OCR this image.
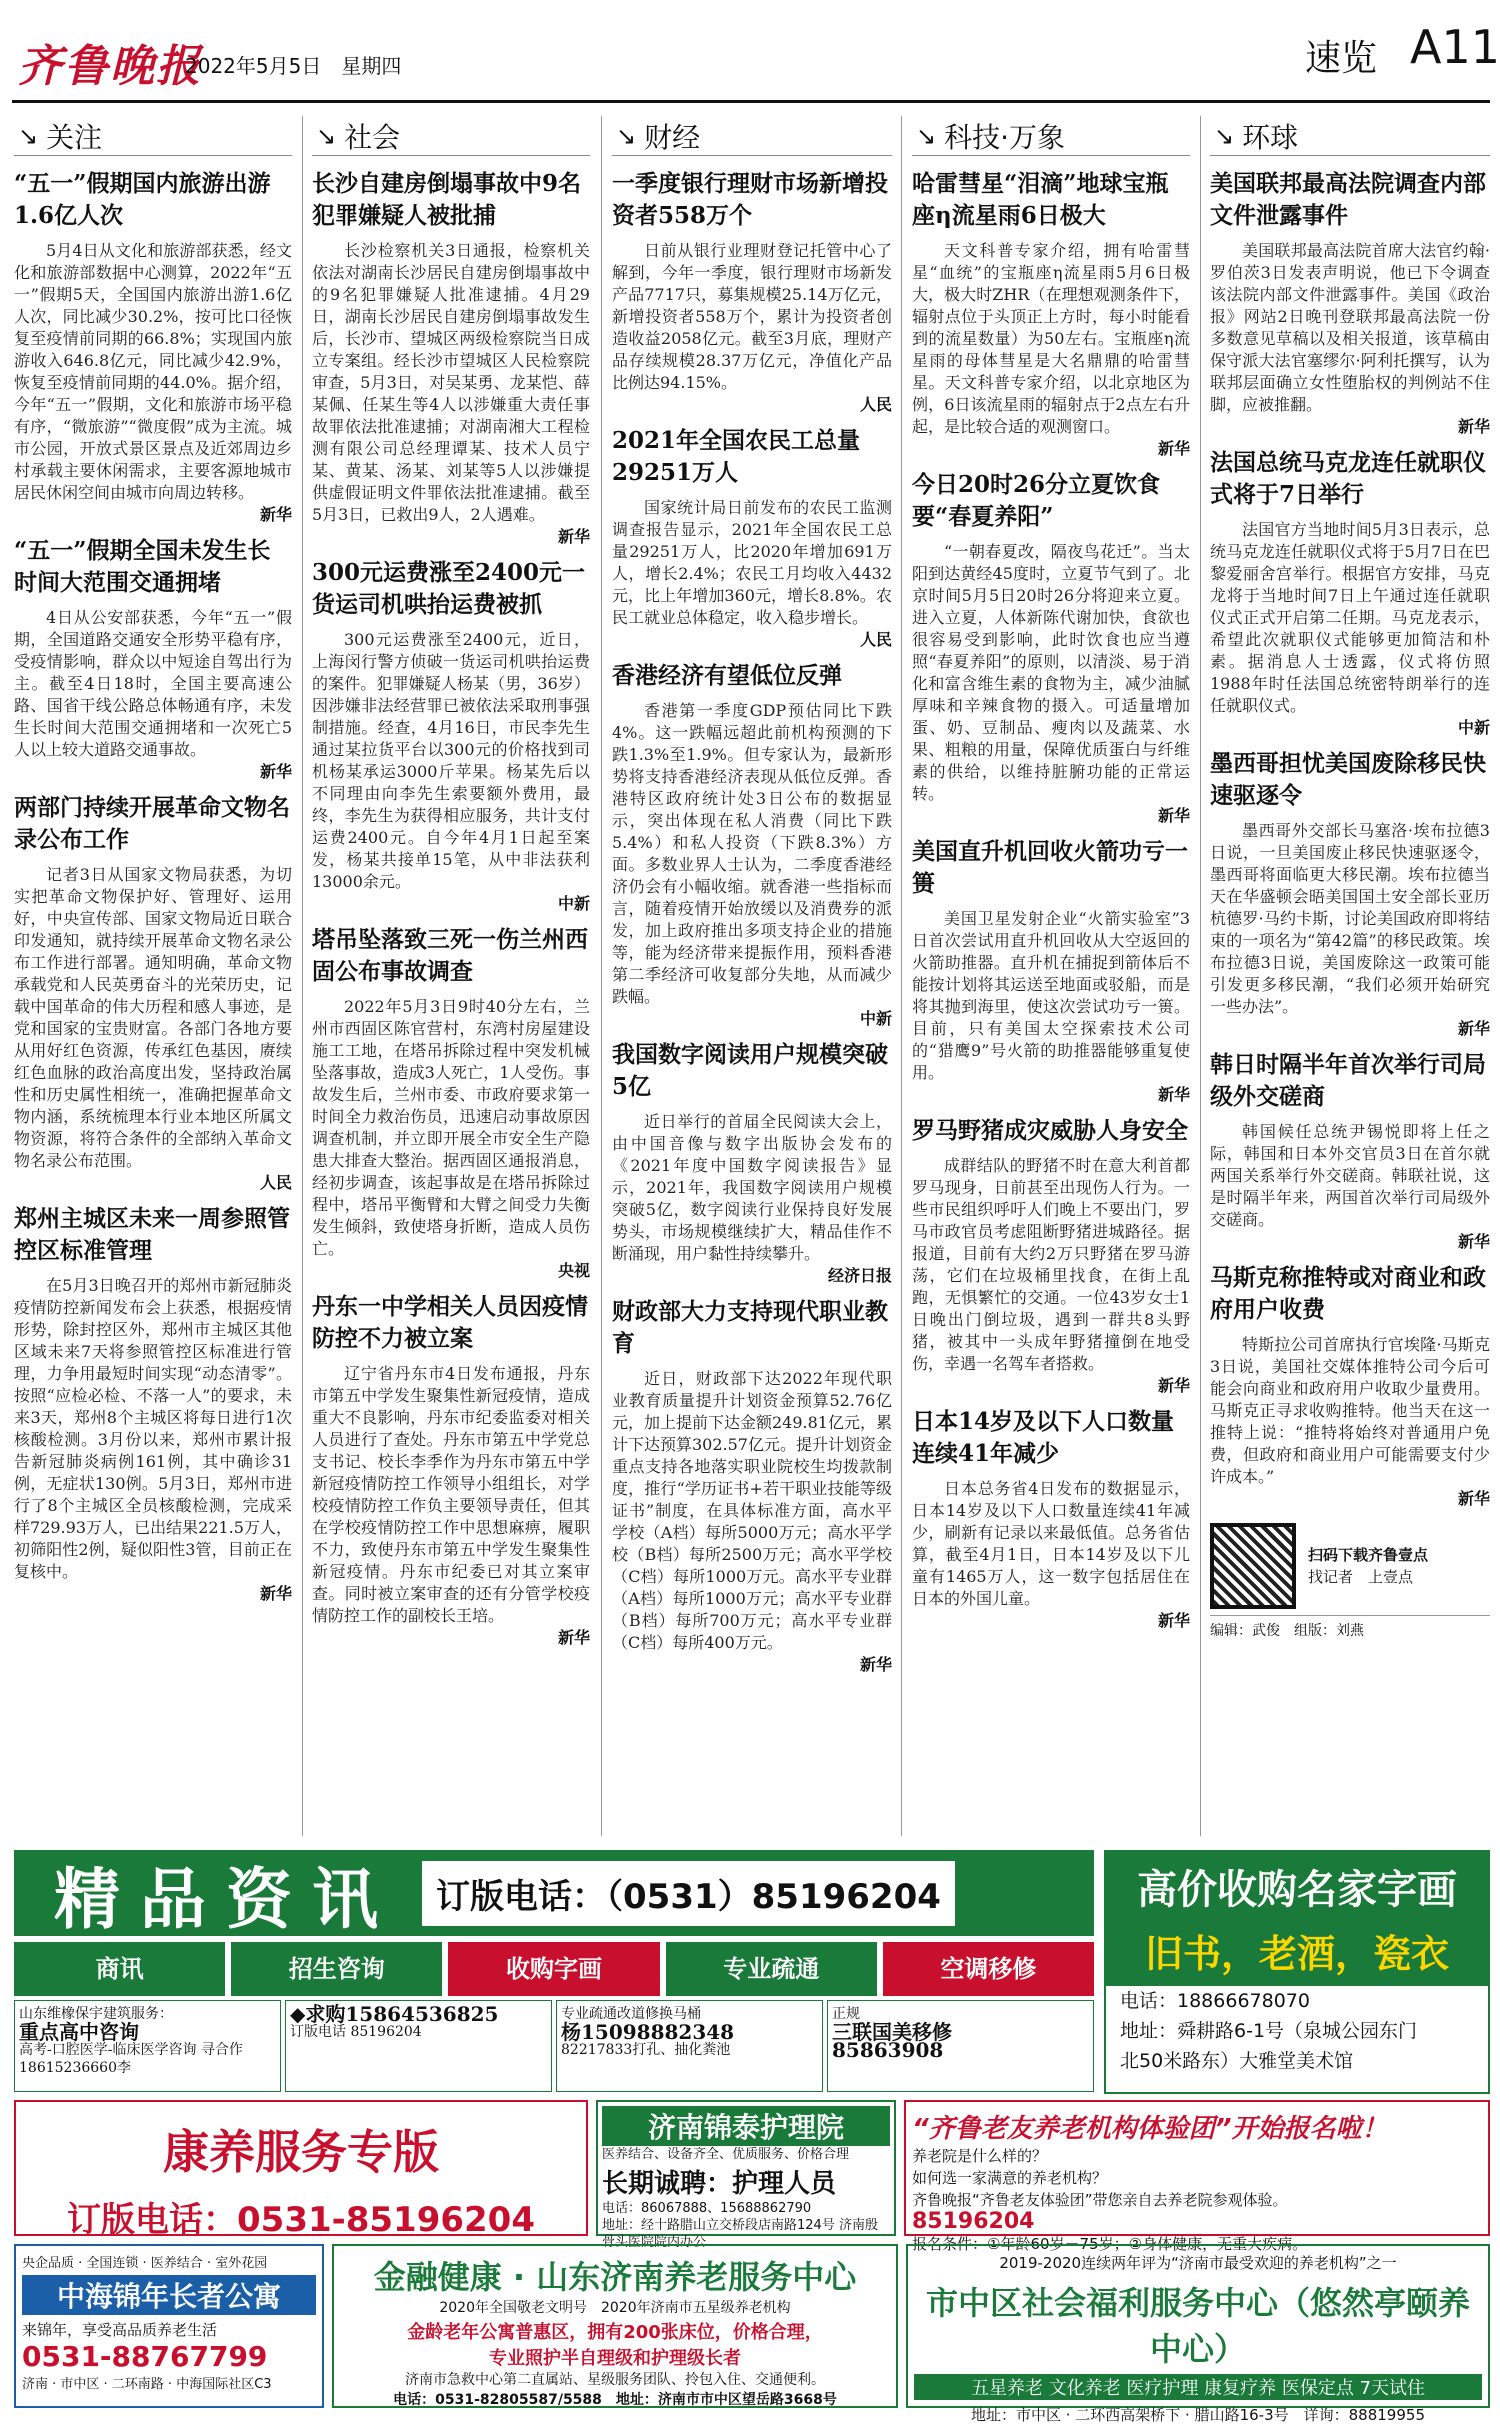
齐鲁晚报
2022年5月5日　星期四	速览 A11
↘ 关注
“五一”假期国内旅游出游1.6亿人次
5月4日从文化和旅游部获悉，经文化和旅游部数据中心测算，2022年“五一”假期5天，全国国内旅游出游1.6亿人次，同比减少30.2%，按可比口径恢复至疫情前同期的66.8%；实现国内旅游收入646.8亿元，同比减少42.9%，恢复至疫情前同期的44.0%。据介绍，今年“五一”假期，文化和旅游市场平稳有序，“微旅游”“微度假”成为主流。城市公园，开放式景区景点及近郊周边乡村承载主要休闲需求，主要客源地城市居民休闲空间由城市向周边转移。
新华
“五一”假期全国未发生长时间大范围交通拥堵
4日从公安部获悉，今年“五一”假期，全国道路交通安全形势平稳有序，受疫情影响，群众以中短途自驾出行为主。截至4日18时，全国主要高速公路、国省干线公路总体畅通有序，未发生长时间大范围交通拥堵和一次死亡5人以上较大道路交通事故。
新华
两部门持续开展革命文物名录公布工作
记者3日从国家文物局获悉，为切实把革命文物保护好、管理好、运用好，中央宣传部、国家文物局近日联合印发通知，就持续开展革命文物名录公布工作进行部署。通知明确，革命文物承载党和人民英勇奋斗的光荣历史，记载中国革命的伟大历程和感人事迹，是党和国家的宝贵财富。各部门各地方要从用好红色资源，传承红色基因，赓续红色血脉的政治高度出发，坚持政治属性和历史属性相统一，准确把握革命文物内涵，系统梳理本行业本地区所属文物资源，将符合条件的全部纳入革命文物名录公布范围。
人民
郑州主城区未来一周参照管控区标准管理
在5月3日晚召开的郑州市新冠肺炎疫情防控新闻发布会上获悉，根据疫情形势，除封控区外，郑州市主城区其他区域未来7天将参照管控区标准进行管理，力争用最短时间实现“动态清零”。按照“应检必检、不落一人”的要求，未来3天，郑州8个主城区将每日进行1次核酸检测。3月份以来，郑州市累计报告新冠肺炎病例161例，其中确诊31例，无症状130例。5月3日，郑州市进行了8个主城区全员核酸检测，完成采样729.93万人，已出结果221.5万人，初筛阳性2例，疑似阳性3管，目前正在复核中。
新华
↘ 社会
长沙自建房倒塌事故中9名犯罪嫌疑人被批捕
长沙检察机关3日通报，检察机关依法对湖南长沙居民自建房倒塌事故中的9名犯罪嫌疑人批准逮捕。4月29日，湖南长沙居民自建房倒塌事故发生后，长沙市、望城区两级检察院当日成立专案组。经长沙市望城区人民检察院审查，5月3日，对吴某勇、龙某恺、薛某佩、任某生等4人以涉嫌重大责任事故罪依法批准逮捕；对湖南湘大工程检测有限公司总经理谭某、技术人员宁某、黄某、汤某、刘某等5人以涉嫌提供虚假证明文件罪依法批准逮捕。截至5月3日，已救出9人，2人遇难。
新华
300元运费涨至2400元一货运司机哄抬运费被抓
300元运费涨至2400元，近日，上海闵行警方侦破一货运司机哄抬运费的案件。犯罪嫌疑人杨某（男，36岁）因涉嫌非法经营罪已被依法采取刑事强制措施。经查，4月16日，市民李先生通过某拉货平台以300元的价格找到司机杨某承运3000斤苹果。杨某先后以不同理由向李先生索要额外费用，最终，李先生为获得相应服务，共计支付运费2400元。自今年4月1日起至案发，杨某共接单15笔，从中非法获利13000余元。
中新
塔吊坠落致三死一伤兰州西固公布事故调查
2022年5月3日9时40分左右，兰州市西固区陈官营村，东湾村房屋建设施工工地，在塔吊拆除过程中突发机械坠落事故，造成3人死亡，1人受伤。事故发生后，兰州市委、市政府要求第一时间全力救治伤员，迅速启动事故原因调查机制，并立即开展全市安全生产隐患大排查大整治。据西固区通报消息，经初步调查，该起事故是在塔吊拆除过程中，塔吊平衡臂和大臂之间受力失衡发生倾斜，致使塔身折断，造成人员伤亡。
央视
丹东一中学相关人员因疫情防控不力被立案
辽宁省丹东市4日发布通报，丹东市第五中学发生聚集性新冠疫情，造成重大不良影响，丹东市纪委监委对相关人员进行了查处。丹东市第五中学党总支书记、校长李季作为丹东市第五中学新冠疫情防控工作领导小组组长，对学校疫情防控工作负主要领导责任，但其在学校疫情防控工作中思想麻痹，履职不力，致使丹东市第五中学发生聚集性新冠疫情。丹东市纪委已对其立案审查。同时被立案审查的还有分管学校疫情防控工作的副校长王培。
新华
↘ 财经
一季度银行理财市场新增投资者558万个
日前从银行业理财登记托管中心了解到，今年一季度，银行理财市场新发产品7717只，募集规模25.14万亿元，新增投资者558万个，累计为投资者创造收益2058亿元。截至3月底，理财产品存续规模28.37万亿元，净值化产品比例达94.15%。
人民
2021年全国农民工总量29251万人
国家统计局日前发布的农民工监测调查报告显示，2021年全国农民工总量29251万人，比2020年增加691万人，增长2.4%；农民工月均收入4432元，比上年增加360元，增长8.8%。农民工就业总体稳定，收入稳步增长。
人民
香港经济有望低位反弹
香港第一季度GDP预估同比下跌4%。这一跌幅远超此前机构预测的下跌1.3%至1.9%。但专家认为，最新形势将支持香港经济表现从低位反弹。香港特区政府统计处3日公布的数据显示，突出体现在私人消费（同比下跌5.4%）和私人投资（下跌8.3%）方面。多数业界人士认为，二季度香港经济仍会有小幅收缩。就香港一些指标而言，随着疫情开始放缓以及消费券的派发，加上政府推出多项支持企业的措施等，能为经济带来提振作用，预料香港第二季经济可收复部分失地，从而减少跌幅。
中新
我国数字阅读用户规模突破5亿
近日举行的首届全民阅读大会上，由中国音像与数字出版协会发布的《2021年度中国数字阅读报告》显示，2021年，我国数字阅读用户规模突破5亿，数字阅读行业保持良好发展势头，市场规模继续扩大，精品佳作不断涌现，用户黏性持续攀升。
经济日报
财政部大力支持现代职业教育
近日，财政部下达2022年现代职业教育质量提升计划资金预算52.76亿元，加上提前下达金额249.81亿元，累计下达预算302.57亿元。提升计划资金重点支持各地落实职业院校生均拨款制度，推行“学历证书+若干职业技能等级证书”制度，在具体标准方面，高水平学校（A档）每所5000万元；高水平学校（B档）每所2500万元；高水平学校（C档）每所1000万元。高水平专业群（A档）每所1000万元；高水平专业群（B档）每所700万元；高水平专业群（C档）每所400万元。
新华
↘ 科技·万象
哈雷彗星“泪滴”地球宝瓶座η流星雨6日极大
天文科普专家介绍，拥有哈雷彗星“血统”的宝瓶座η流星雨5月6日极大，极大时ZHR（在理想观测条件下，辐射点位于头顶正上方时，每小时能看到的流星数量）为50左右。宝瓶座η流星雨的母体彗星是大名鼎鼎的哈雷彗星。天文科普专家介绍，以北京地区为例，6日该流星雨的辐射点于2点左右升起，是比较合适的观测窗口。
新华
今日20时26分立夏饮食要“春夏养阳”
“一朝春夏改，隔夜鸟花迁”。当太阳到达黄经45度时，立夏节气到了。北京时间5月5日20时26分将迎来立夏。进入立夏，人体新陈代谢加快，食欲也很容易受到影响，此时饮食也应当遵照“春夏养阳”的原则，以清淡、易于消化和富含维生素的食物为主，减少油腻厚味和辛辣食物的摄入。可适量增加蛋、奶、豆制品、瘦肉以及蔬菜、水果、粗粮的用量，保障优质蛋白与纤维素的供给，以维持脏腑功能的正常运转。
新华
美国直升机回收火箭功亏一篑
美国卫星发射企业“火箭实验室”3日首次尝试用直升机回收从大空返回的火箭助推器。直升机在捕捉到箭体后不能按计划将其运送至地面或驳船，而是将其抛到海里，使这次尝试功亏一篑。目前，只有美国太空探索技术公司的“猎鹰9”号火箭的助推器能够重复使用。
新华
罗马野猪成灾威胁人身安全
成群结队的野猪不时在意大利首都罗马现身，日前甚至出现伤人行为。一些市民组织呼吁人们晚上不要出门，罗马市政官员考虑阻断野猪进城路径。据报道，目前有大约2万只野猪在罗马游荡，它们在垃圾桶里找食，在街上乱跑，无惧繁忙的交通。一位43岁女士1日晚出门倒垃圾，遇到一群共8头野猪，被其中一头成年野猪撞倒在地受伤，幸遇一名驾车者搭救。
新华
日本14岁及以下人口数量连续41年减少
日本总务省4日发布的数据显示，日本14岁及以下人口数量连续41年减少，刷新有记录以来最低值。总务省估算，截至4月1日，日本14岁及以下儿童有1465万人，这一数字包括居住在日本的外国儿童。
新华
↘ 环球
美国联邦最高法院调查内部文件泄露事件
美国联邦最高法院首席大法官约翰·罗伯茨3日发表声明说，他已下令调查该法院内部文件泄露事件。美国《政治报》网站2日晚刊登联邦最高法院一份多数意见草稿以及相关报道，该草稿由保守派大法官塞缪尔·阿利托撰写，认为联邦层面确立女性堕胎权的判例站不住脚，应被推翻。
新华
法国总统马克龙连任就职仪式将于7日举行
法国官方当地时间5月3日表示，总统马克龙连任就职仪式将于5月7日在巴黎爱丽舍宫举行。根据官方安排，马克龙将于当地时间7日上午通过连任就职仪式正式开启第二任期。马克龙表示，希望此次就职仪式能够更加简洁和朴素。据消息人士透露，仪式将仿照1988年时任法国总统密特朗举行的连任就职仪式。
中新
墨西哥担忧美国废除移民快速驱逐令
墨西哥外交部长马塞洛·埃布拉德3日说，一旦美国废止移民快速驱逐令，墨西哥将面临更大移民潮。埃布拉德当天在华盛顿会晤美国国土安全部长亚历杭德罗·马约卡斯，讨论美国政府即将结束的一项名为“第42篇”的移民政策。埃布拉德3日说，美国废除这一政策可能引发更多移民潮，“我们必须开始研究一些办法”。
新华
韩日时隔半年首次举行司局级外交磋商
韩国候任总统尹锡悦即将上任之际，韩国和日本外交官员3日在首尔就两国关系举行外交磋商。韩联社说，这是时隔半年来，两国首次举行司局级外交磋商。
新华
马斯克称推特或对商业和政府用户收费
特斯拉公司首席执行官埃隆·马斯克3日说，美国社交媒体推特公司今后可能会向商业和政府用户收取少量费用。马斯克正寻求收购推特。他当天在这一推特上说：“推特将始终对普通用户免费，但政府和商业用户可能需要支付少许成本。”
新华
扫码下载齐鲁壹点
找记者　上壹点
编辑：武俊　组版：刘燕
精品资讯	订版电话：（0531）85196204	高价收购名家字画
旧书，老酒，瓷衣
电话：18866678070
地址：舜耕路6-1号（泉城公园东门
北50米路东）大雅堂美术馆
商讯	招生咨询	收购字画	专业疏通	空调移修
山东维橡保宇建筑服务：
重点高中咨询
高考-口腔医学-临床医学咨询 寻合作18615236660李
◆求购15864536825
订版电话 85196204
专业疏通改道修换马桶
杨15098882348
82217833打孔、抽化粪池
正规
三联国美移修
85863908
康养服务专版
订版电话：0531-85196204
济南锦泰护理院
医养结合、设备齐全、优质服务、价格合理
长期诚聘：护理人员
电话：86067888、15688862790
地址：经十路腊山立交桥段店南路124号 济南殷骨头医院院内办公
“齐鲁老友养老机构体验团”开始报名啦！
养老院是什么样的？
如何选一家满意的养老机构？
齐鲁晚报“齐鲁老友体验团”带您亲自去养老院参观体验。
85196204
报名条件：①年龄60岁－75岁；②身体健康，无重大疾病。
央企品质 · 全国连锁 · 医养结合 · 室外花园
中海锦年长者公寓
来锦年，享受高品质养老生活
0531-88767799
济南 · 市中区 · 二环南路 · 中海国际社区C3
金融健康 · 山东济南养老服务中心
2020年全国敬老文明号　2020年济南市五星级养老机构
金龄老年公寓普惠区，拥有200张床位，价格合理，
专业照护半自理级和护理级长者
济南市急救中心第二直属站、星级服务团队、拎包入住、交通便利。
电话：0531-82805587/5588　地址：济南市市中区望岳路3668号
2019-2020连续两年评为“济南市最受欢迎的养老机构”之一
市中区社会福利服务中心（悠然亭颐养中心）
五星养老 文化养老 医疗护理 康复疗养 医保定点 7天试住
地址：市中区 · 二环西高架桥下 · 腊山路16-3号　详询：88819955
